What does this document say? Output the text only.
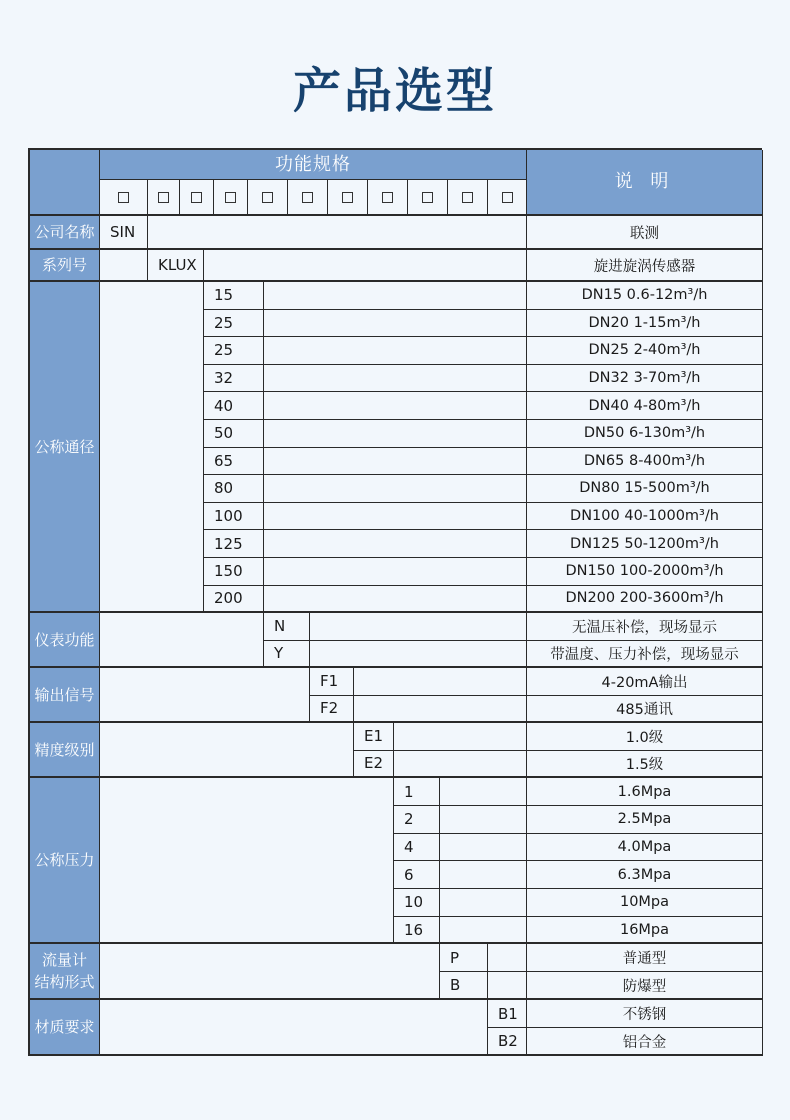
产品选型
功能规格
说 明
公司名称	SIN	联测
系列号	KLUX	旋进旋涡传感器
公称通径
15	DN15 0.6-12m³/h
25	DN20 1-15m³/h
25	DN25 2-40m³/h
32	DN32 3-70m³/h
40	DN40 4-80m³/h
50	DN50 6-130m³/h
65	DN65 8-400m³/h
80	DN80 15-500m³/h
100	DN100 40-1000m³/h
125	DN125 50-1200m³/h
150	DN150 100-2000m³/h
200	DN200 200-3600m³/h
仪表功能
N	无温压补偿，现场显示
Y	带温度、压力补偿，现场显示
输出信号
F1	4-20mA输出
F2	485通讯
精度级别
E1	1.0级
E2	1.5级
公称压力
1	1.6Mpa
2	2.5Mpa
4	4.0Mpa
6	6.3Mpa
10	10Mpa
16	16Mpa
流量计
结构形式
P	普通型
B	防爆型
材质要求
B1	不锈钢
B2	铝合金
